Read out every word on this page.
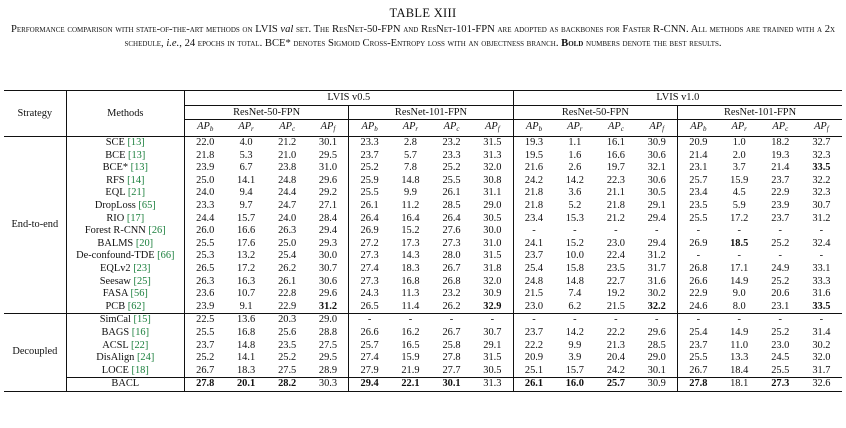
TABLE XIII
Performance comparison with state-of-the-art methods on LVIS val set. The ResNet-50-FPN and ResNet-101-FPN are adopted as backbones for Faster R-CNN. All methods are trained with a 2x schedule, i.e., 24 epochs in total. BCE* denotes Sigmoid Cross-Entropy loss with an objectness branch. Bold numbers denote the best results.
Strategy	Methods	LVIS v0.5								LVIS v1.0							
		ResNet-50-FPN				ResNet-101-FPN				ResNet-50-FPN				ResNet-101-FPN			
		$AP_b$	$AP_r$	$AP_c$	$AP_f$	$AP_b$	$AP_r$	$AP_c$	$AP_f$	$AP_b$	$AP_r$	$AP_c$	$AP_f$	$AP_b$	$AP_r$	$AP_c$	$AP_f$
End-to-end	SCE [13]	22.0	4.0	21.2	30.1	23.3	2.8	23.2	31.5	19.3	1.1	16.1	30.9	20.9	1.0	18.2	32.7
	BCE [13]	21.8	5.3	21.0	29.5	23.7	5.7	23.3	31.3	19.5	1.6	16.6	30.6	21.4	2.0	19.3	32.3
	BCE* [13]	23.9	6.7	23.8	31.0	25.2	7.8	25.2	32.0	21.6	2.6	19.7	32.1	23.1	3.7	21.4	33.5
	RFS [14]	25.0	14.1	24.8	29.6	25.9	14.8	25.5	30.8	24.2	14.2	22.3	30.6	25.7	15.9	23.7	32.2
	EQL [21]	24.0	9.4	24.4	29.2	25.5	9.9	26.1	31.1	21.8	3.6	21.1	30.5	23.4	4.5	22.9	32.3
	DropLoss [65]	23.3	9.7	24.7	27.1	26.1	11.2	28.5	29.0	21.8	5.2	21.8	29.1	23.5	5.9	23.9	30.7
	RIO [17]	24.4	15.7	24.0	28.4	26.4	16.4	26.4	30.5	23.4	15.3	21.2	29.4	25.5	17.2	23.7	31.2
	Forest R-CNN [26]	26.0	16.6	26.3	29.4	26.9	15.2	27.6	30.0	-	-	-	-	-	-	-	-
	BALMS [20]	25.5	17.6	25.0	29.3	27.2	17.3	27.3	31.0	24.1	15.2	23.0	29.4	26.9	18.5	25.2	32.4
	De-confound-TDE [66]	25.3	13.2	25.4	30.0	27.3	14.3	28.0	31.5	23.7	10.0	22.4	31.2	-	-	-	-
	EQLv2 [23]	26.5	17.2	26.2	30.7	27.4	18.3	26.7	31.8	25.4	15.8	23.5	31.7	26.8	17.1	24.9	33.1
	Seesaw [25]	26.3	16.3	26.1	30.6	27.3	16.8	26.8	32.0	24.8	14.8	22.7	31.6	26.6	14.9	25.2	33.3
	FASA [56]	23.6	10.7	22.8	29.6	24.3	11.3	23.2	30.9	21.5	7.4	19.2	30.2	22.9	9.0	20.6	31.6
	PCB [62]	23.9	9.1	22.9	31.2	26.5	11.4	26.2	32.9	23.0	6.2	21.5	32.2	24.6	8.0	23.1	33.5
Decoupled	SimCal [15]	22.5	13.6	20.3	29.0	-	-	-	-	-	-	-	-	-	-	-	-
	BAGS [16]	25.5	16.8	25.6	28.8	26.6	16.2	26.7	30.7	23.7	14.2	22.2	29.6	25.4	14.9	25.2	31.4
	ACSL [22]	23.7	14.8	23.5	27.5	25.7	16.5	25.8	29.1	22.2	9.9	21.3	28.5	23.7	11.0	23.0	30.2
	DisAlign [24]	25.2	14.1	25.2	29.5	27.4	15.9	27.8	31.5	20.9	3.9	20.4	29.0	25.5	13.3	24.5	32.0
	LOCE [18]	26.7	18.3	27.5	28.9	27.9	21.9	27.7	30.5	25.1	15.7	24.2	30.1	26.7	18.4	25.5	31.7
	BACL	27.8	20.1	28.2	30.3	29.4	22.1	30.1	31.3	26.1	16.0	25.7	30.9	27.8	18.1	27.3	32.6
